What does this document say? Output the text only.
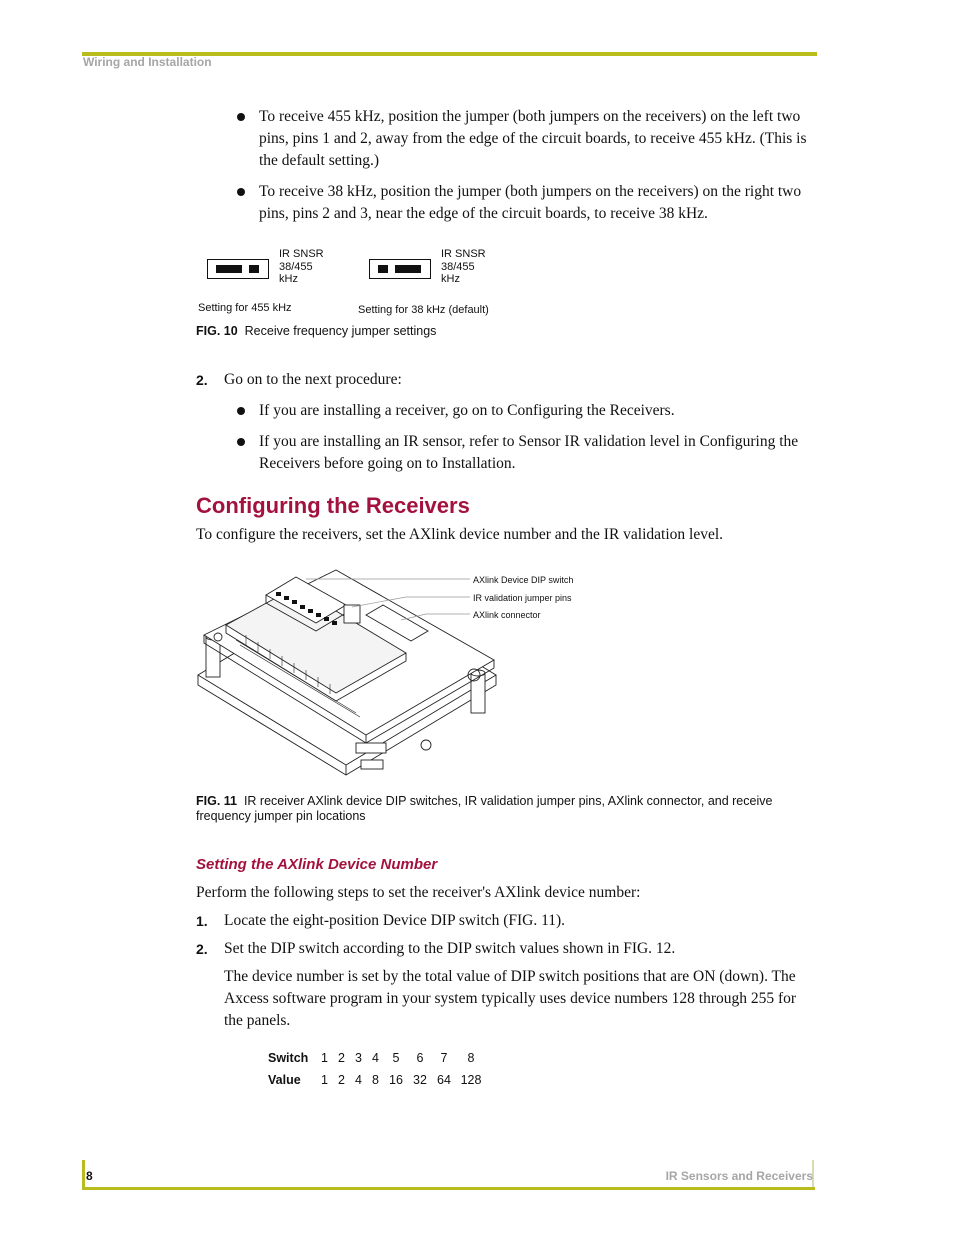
Wiring and Installation
To receive 455 kHz, position the jumper (both jumpers on the receivers) on the left two pins, pins 1 and 2, away from the edge of the circuit boards, to receive 455 kHz. (This is the default setting.)
To receive 38 kHz, position the jumper (both jumpers on the receivers) on the right two pins, pins 2 and 3, near the edge of the circuit boards, to receive 38 kHz.
IR SNSR
38/455
kHz
IR SNSR
38/455
kHz
Setting for 455 kHz	Setting for 38 kHz (default)
FIG. 10 Receive frequency jumper settings
2. Go on to the next procedure:
If you are installing a receiver, go on to Configuring the Receivers.
If you are installing an IR sensor, refer to Sensor IR validation level in Configuring the Receivers before going on to Installation.
Configuring the Receivers
To configure the receivers, set the AXlink device number and the IR validation level.
AXlink Device DIP switch
IR validation jumper pins
AXlink connector
FIG. 11 IR receiver AXlink device DIP switches, IR validation jumper pins, AXlink connector, and receive frequency jumper pin locations
Setting the AXlink Device Number
Perform the following steps to set the receiver's AXlink device number:
1. Locate the eight-position Device DIP switch (FIG. 11).
2. Set the DIP switch according to the DIP switch values shown in FIG. 12.
The device number is set by the total value of DIP switch positions that are ON (down). The Axcess software program in your system typically uses device numbers 128 through 255 for the panels.
Switch	1	2	3	4	5	6	7	8
Value	1	2	4	8	16	32	64	128
8	IR Sensors and Receivers
